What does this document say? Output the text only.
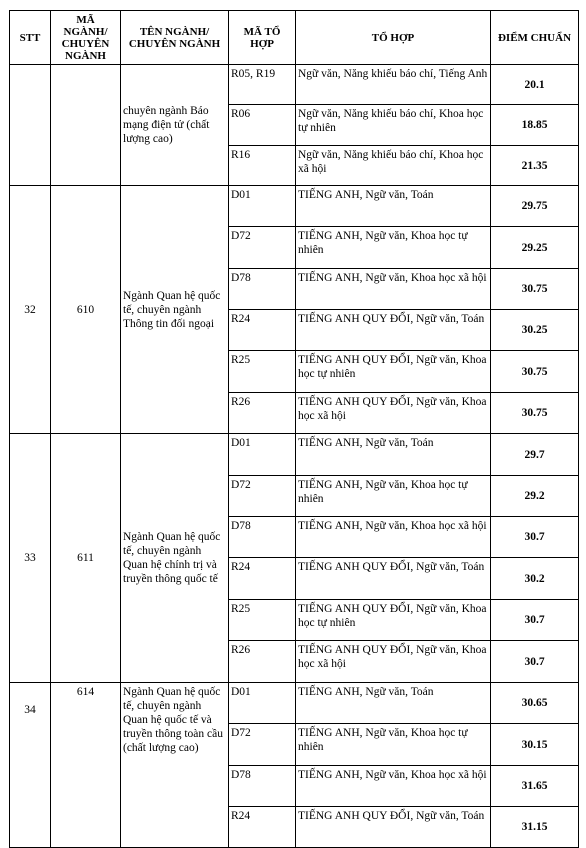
STT	MÃ NGÀNH/ CHUYÊN NGÀNH	TÊN NGÀNH/ CHUYÊN NGÀNH	MÃ TỔ HỢP	TỔ HỢP	ĐIỂM CHUẨN
		chuyên ngành Báo mạng điện tử (chất lượng cao)	R05, R19	Ngữ văn, Năng khiếu báo chí, Tiếng Anh	20.1
			R06	Ngữ văn, Năng khiếu báo chí, Khoa học tự nhiên	18.85
			R16	Ngữ văn, Năng khiếu báo chí, Khoa học xã hội	21.35
32	610	Ngành Quan hệ quốc tế, chuyên ngành Thông tin đối ngoại	D01	TIẾNG ANH, Ngữ văn, Toán	29.75
			D72	TIẾNG ANH, Ngữ văn, Khoa học tự nhiên	29.25
			D78	TIẾNG ANH, Ngữ văn, Khoa học xã hội	30.75
			R24	TIẾNG ANH QUY ĐỔI, Ngữ văn, Toán	30.25
			R25	TIẾNG ANH QUY ĐỔI, Ngữ văn, Khoa học tự nhiên	30.75
			R26	TIẾNG ANH QUY ĐỔI, Ngữ văn, Khoa học xã hội	30.75
33	611	Ngành Quan hệ quốc tế, chuyên ngành Quan hệ chính trị và truyền thông quốc tế	D01	TIẾNG ANH, Ngữ văn, Toán	29.7
			D72	TIẾNG ANH, Ngữ văn, Khoa học tự nhiên	29.2
			D78	TIẾNG ANH, Ngữ văn, Khoa học xã hội	30.7
			R24	TIẾNG ANH QUY ĐỔI, Ngữ văn, Toán	30.2
			R25	TIẾNG ANH QUY ĐỔI, Ngữ văn, Khoa học tự nhiên	30.7
			R26	TIẾNG ANH QUY ĐỔI, Ngữ văn, Khoa học xã hội	30.7
34	614	Ngành Quan hệ quốc tế, chuyên ngành Quan hệ quốc tế và truyền thông toàn cầu (chất lượng cao)	D01	TIẾNG ANH, Ngữ văn, Toán	30.65
			D72	TIẾNG ANH, Ngữ văn, Khoa học tự nhiên	30.15
			D78	TIẾNG ANH, Ngữ văn, Khoa học xã hội	31.65
			R24	TIẾNG ANH QUY ĐỔI, Ngữ văn, Toán	31.15
